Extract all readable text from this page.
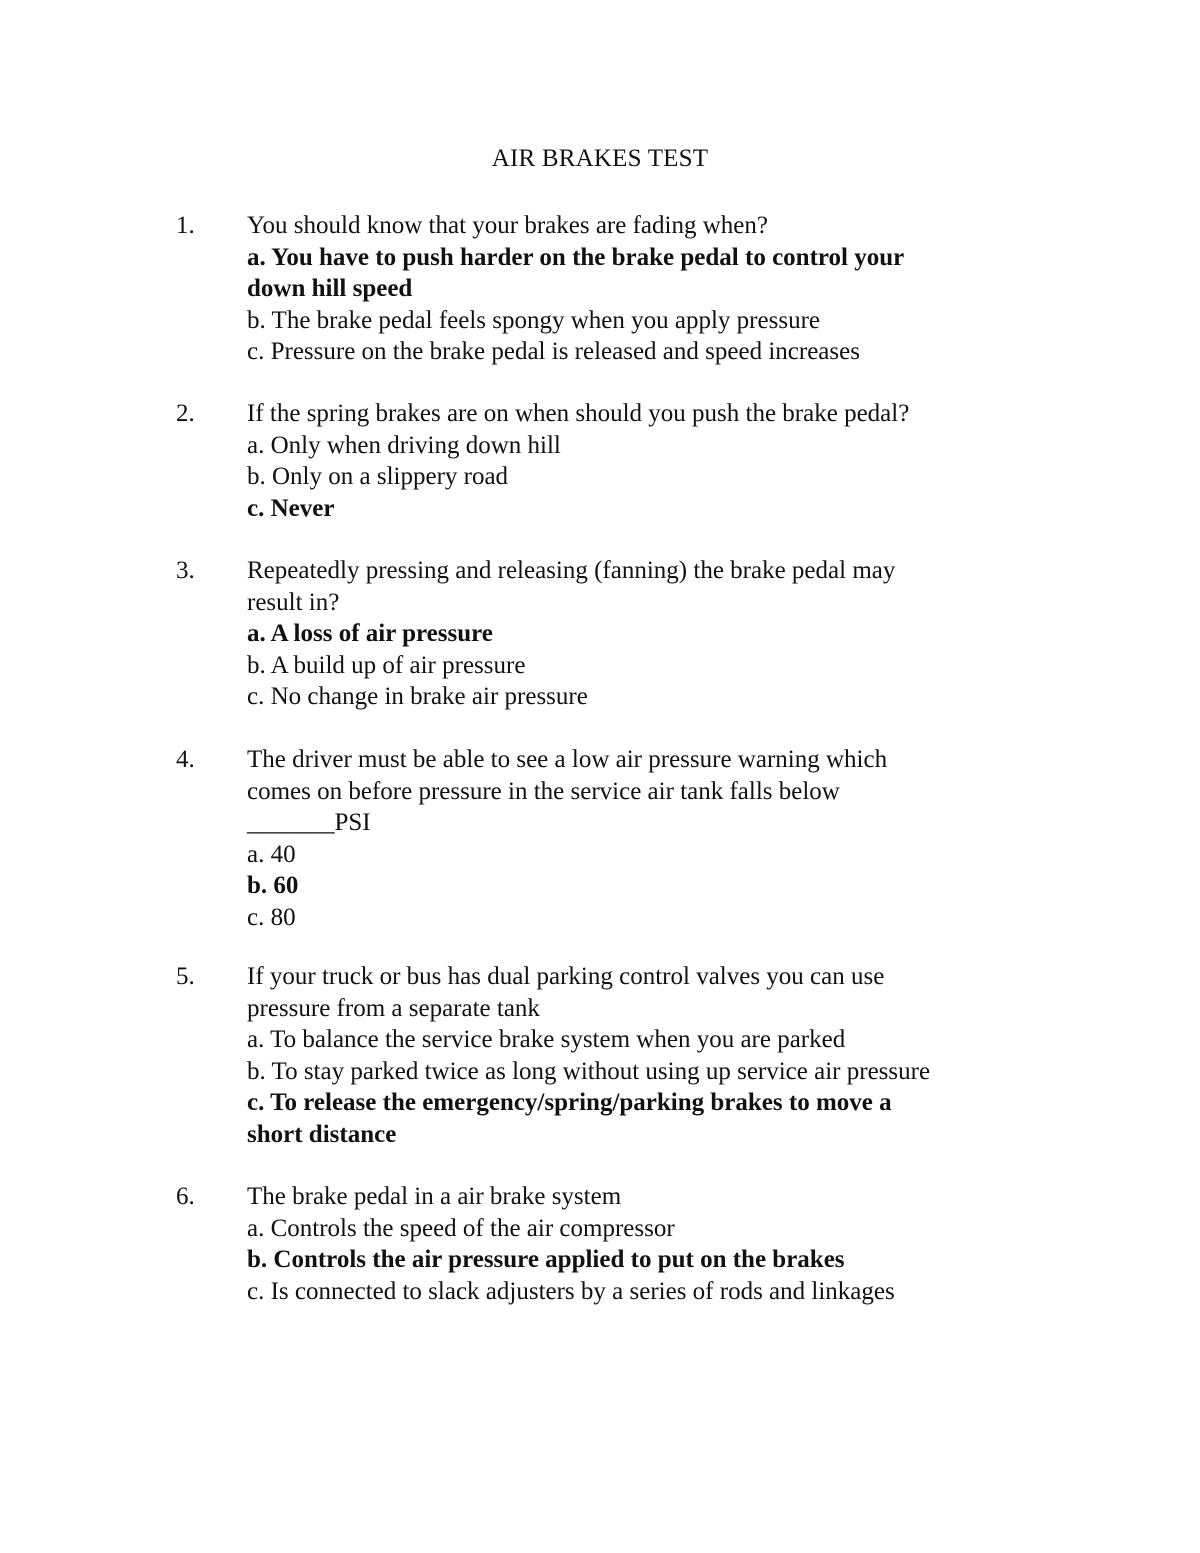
AIR BRAKES TEST
1. You should know that your brakes are fading when?
a. You have to push harder on the brake pedal to control your
down hill speed
b. The brake pedal feels spongy when you apply pressure
c. Pressure on the brake pedal is released and speed increases
2. If the spring brakes are on when should you push the brake pedal?
a. Only when driving down hill
b. Only on a slippery road
c. Never
3. Repeatedly pressing and releasing (fanning) the brake pedal may
result in?
a. A loss of air pressure
b. A build up of air pressure
c. No change in brake air pressure
4. The driver must be able to see a low air pressure warning which
comes on before pressure in the service air tank falls below
_______PSI
a. 40
b. 60
c. 80
5. If your truck or bus has dual parking control valves you can use
pressure from a separate tank
a. To balance the service brake system when you are parked
b. To stay parked twice as long without using up service air pressure
c. To release the emergency/spring/parking brakes to move a
short distance
6. The brake pedal in a air brake system
a. Controls the speed of the air compressor
b. Controls the air pressure applied to put on the brakes
c. Is connected to slack adjusters by a series of rods and linkages
